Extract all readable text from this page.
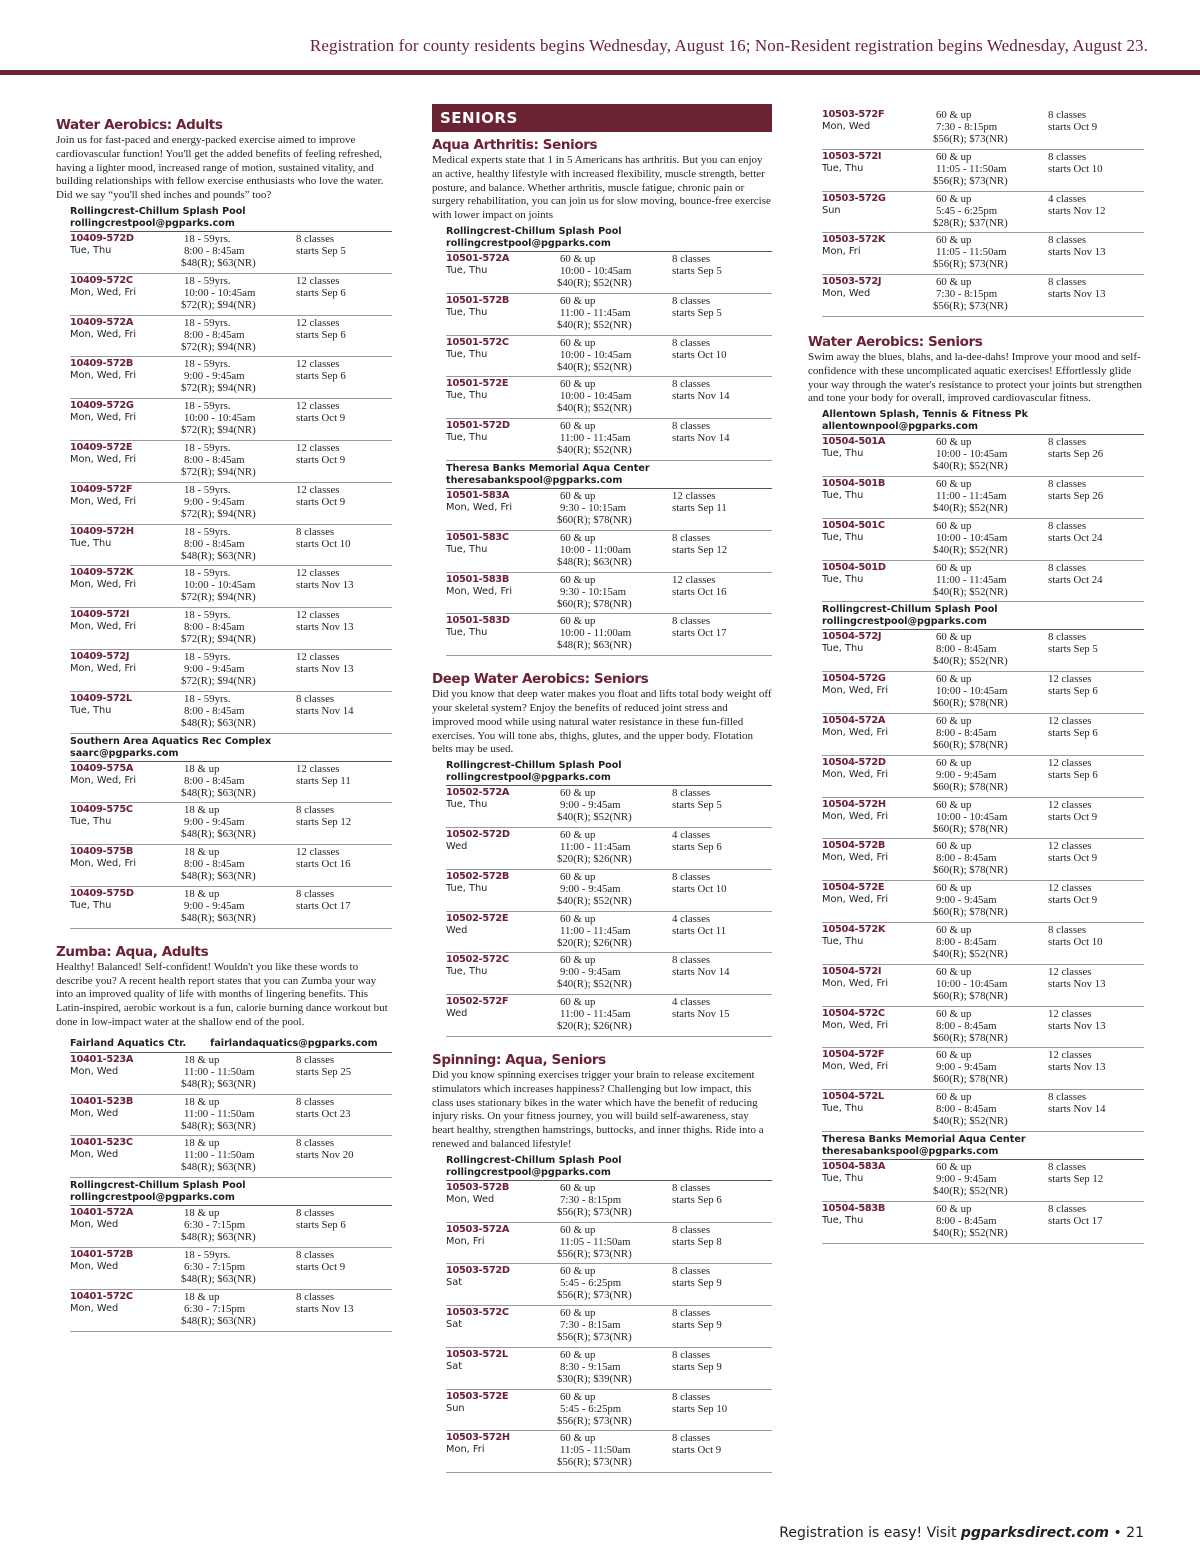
Registration for county residents begins Wednesday, August 16; Non-Resident registration begins Wednesday, August 23.
Water Aerobics: Adults
Join us for fast-paced and energy-packed exercise aimed to improve cardiovascular function! You'll get the added benefits of feeling refreshed, having a lighter mood, increased range of motion, sustained vitality, and building relationships with fellow exercise enthusiasts who love the water. Did we say “you'll shed inches and pounds” too?
Rollingcrest-Chillum Splash Pool
rollingcrestpool@pgparks.com
10409-572D
Tue, Thu
18 - 59yrs.
8:00 - 8:45am
$48(R); $63(NR)
8 classes
starts Sep 5
10409-572C
Mon, Wed, Fri
18 - 59yrs.
10:00 - 10:45am
$72(R); $94(NR)
12 classes
starts Sep 6
10409-572A
Mon, Wed, Fri
18 - 59yrs.
8:00 - 8:45am
$72(R); $94(NR)
12 classes
starts Sep 6
10409-572B
Mon, Wed, Fri
18 - 59yrs.
9:00 - 9:45am
$72(R); $94(NR)
12 classes
starts Sep 6
10409-572G
Mon, Wed, Fri
18 - 59yrs.
10:00 - 10:45am
$72(R); $94(NR)
12 classes
starts Oct 9
10409-572E
Mon, Wed, Fri
18 - 59yrs.
8:00 - 8:45am
$72(R); $94(NR)
12 classes
starts Oct 9
10409-572F
Mon, Wed, Fri
18 - 59yrs.
9:00 - 9:45am
$72(R); $94(NR)
12 classes
starts Oct 9
10409-572H
Tue, Thu
18 - 59yrs.
8:00 - 8:45am
$48(R); $63(NR)
8 classes
starts Oct 10
10409-572K
Mon, Wed, Fri
18 - 59yrs.
10:00 - 10:45am
$72(R); $94(NR)
12 classes
starts Nov 13
10409-572I
Mon, Wed, Fri
18 - 59yrs.
8:00 - 8:45am
$72(R); $94(NR)
12 classes
starts Nov 13
10409-572J
Mon, Wed, Fri
18 - 59yrs.
9:00 - 9:45am
$72(R); $94(NR)
12 classes
starts Nov 13
10409-572L
Tue, Thu
18 - 59yrs.
8:00 - 8:45am
$48(R); $63(NR)
8 classes
starts Nov 14
Southern Area Aquatics Rec Complex
saarc@pgparks.com
10409-575A
Mon, Wed, Fri
18 & up
8:00 - 8:45am
$48(R); $63(NR)
12 classes
starts Sep 11
10409-575C
Tue, Thu
18 & up
9:00 - 9:45am
$48(R); $63(NR)
8 classes
starts Sep 12
10409-575B
Mon, Wed, Fri
18 & up
8:00 - 8:45am
$48(R); $63(NR)
12 classes
starts Oct 16
10409-575D
Tue, Thu
18 & up
9:00 - 9:45am
$48(R); $63(NR)
8 classes
starts Oct 17
Zumba: Aqua, Adults
Healthy! Balanced! Self-confident! Wouldn't you like these words to describe you? A recent health report states that you can Zumba your way into an improved quality of life with months of lingering benefits. This Latin-inspired, aerobic workout is a fun, calorie burning dance workout but done in low-impact water at the shallow end of the pool.
Fairland Aquatics Ctr.	fairlandaquatics@pgparks.com
10401-523A
Mon, Wed
18 & up
11:00 - 11:50am
$48(R); $63(NR)
8 classes
starts Sep 25
10401-523B
Mon, Wed
18 & up
11:00 - 11:50am
$48(R); $63(NR)
8 classes
starts Oct 23
10401-523C
Mon, Wed
18 & up
11:00 - 11:50am
$48(R); $63(NR)
8 classes
starts Nov 20
Rollingcrest-Chillum Splash Pool
rollingcrestpool@pgparks.com
10401-572A
Mon, Wed
18 & up
6:30 - 7:15pm
$48(R); $63(NR)
8 classes
starts Sep 6
10401-572B
Mon, Wed
18 - 59yrs.
6:30 - 7:15pm
$48(R); $63(NR)
8 classes
starts Oct 9
10401-572C
Mon, Wed
18 & up
6:30 - 7:15pm
$48(R); $63(NR)
8 classes
starts Nov 13
SENIORS
Aqua Arthritis: Seniors
Medical experts state that 1 in 5 Americans has arthritis. But you can enjoy an active, healthy lifestyle with increased flexibility, muscle strength, better posture, and balance. Whether arthritis, muscle fatigue, chronic pain or surgery rehabilitation, you can join us for slow moving, bounce-free exercise with lower impact on joints
Rollingcrest-Chillum Splash Pool
rollingcrestpool@pgparks.com
10501-572A
Tue, Thu
60 & up
10:00 - 10:45am
$40(R); $52(NR)
8 classes
starts Sep 5
10501-572B
Tue, Thu
60 & up
11:00 - 11:45am
$40(R); $52(NR)
8 classes
starts Sep 5
10501-572C
Tue, Thu
60 & up
10:00 - 10:45am
$40(R); $52(NR)
8 classes
starts Oct 10
10501-572E
Tue, Thu
60 & up
10:00 - 10:45am
$40(R); $52(NR)
8 classes
starts Nov 14
10501-572D
Tue, Thu
60 & up
11:00 - 11:45am
$40(R); $52(NR)
8 classes
starts Nov 14
Theresa Banks Memorial Aqua Center
theresabankspool@pgparks.com
10501-583A
Mon, Wed, Fri
60 & up
9:30 - 10:15am
$60(R); $78(NR)
12 classes
starts Sep 11
10501-583C
Tue, Thu
60 & up
10:00 - 11:00am
$48(R); $63(NR)
8 classes
starts Sep 12
10501-583B
Mon, Wed, Fri
60 & up
9:30 - 10:15am
$60(R); $78(NR)
12 classes
starts Oct 16
10501-583D
Tue, Thu
60 & up
10:00 - 11:00am
$48(R); $63(NR)
8 classes
starts Oct 17
Deep Water Aerobics: Seniors
Did you know that deep water makes you float and lifts total body weight off your skeletal system? Enjoy the benefits of reduced joint stress and improved mood while using natural water resistance in these fun-filled exercises. You will tone abs, thighs, glutes, and the upper body. Flotation belts may be used.
Rollingcrest-Chillum Splash Pool
rollingcrestpool@pgparks.com
10502-572A
Tue, Thu
60 & up
9:00 - 9:45am
$40(R); $52(NR)
8 classes
starts Sep 5
10502-572D
Wed
60 & up
11:00 - 11:45am
$20(R); $26(NR)
4 classes
starts Sep 6
10502-572B
Tue, Thu
60 & up
9:00 - 9:45am
$40(R); $52(NR)
8 classes
starts Oct 10
10502-572E
Wed
60 & up
11:00 - 11:45am
$20(R); $26(NR)
4 classes
starts Oct 11
10502-572C
Tue, Thu
60 & up
9:00 - 9:45am
$40(R); $52(NR)
8 classes
starts Nov 14
10502-572F
Wed
60 & up
11:00 - 11:45am
$20(R); $26(NR)
4 classes
starts Nov 15
Spinning: Aqua, Seniors
Did you know spinning exercises trigger your brain to release excitement stimulators which increases happiness? Challenging but low impact, this class uses stationary bikes in the water which have the benefit of reducing injury risks. On your fitness journey, you will build self-awareness, stay heart healthy, strengthen hamstrings, buttocks, and inner thighs. Ride into a renewed and balanced lifestyle!
Rollingcrest-Chillum Splash Pool
rollingcrestpool@pgparks.com
10503-572B
Mon, Wed
60 & up
7:30 - 8:15pm
$56(R); $73(NR)
8 classes
starts Sep 6
10503-572A
Mon, Fri
60 & up
11:05 - 11:50am
$56(R); $73(NR)
8 classes
starts Sep 8
10503-572D
Sat
60 & up
5:45 - 6:25pm
$56(R); $73(NR)
8 classes
starts Sep 9
10503-572C
Sat
60 & up
7:30 - 8:15am
$56(R); $73(NR)
8 classes
starts Sep 9
10503-572L
Sat
60 & up
8:30 - 9:15am
$30(R); $39(NR)
8 classes
starts Sep 9
10503-572E
Sun
60 & up
5:45 - 6:25pm
$56(R); $73(NR)
8 classes
starts Sep 10
10503-572H
Mon, Fri
60 & up
11:05 - 11:50am
$56(R); $73(NR)
8 classes
starts Oct 9
10503-572F
Mon, Wed
60 & up
7:30 - 8:15pm
$56(R); $73(NR)
8 classes
starts Oct 9
10503-572I
Tue, Thu
60 & up
11:05 - 11:50am
$56(R); $73(NR)
8 classes
starts Oct 10
10503-572G
Sun
60 & up
5:45 - 6:25pm
$28(R); $37(NR)
4 classes
starts Nov 12
10503-572K
Mon, Fri
60 & up
11:05 - 11:50am
$56(R); $73(NR)
8 classes
starts Nov 13
10503-572J
Mon, Wed
60 & up
7:30 - 8:15pm
$56(R); $73(NR)
8 classes
starts Nov 13
Water Aerobics: Seniors
Swim away the blues, blahs, and la-dee-dahs! Improve your mood and self-confidence with these uncomplicated aquatic exercises! Effortlessly glide your way through the water's resistance to protect your joints but strengthen and tone your body for overall, improved cardiovascular fitness.
Allentown Splash, Tennis & Fitness Pk
allentownpool@pgparks.com
10504-501A
Tue, Thu
60 & up
10:00 - 10:45am
$40(R); $52(NR)
8 classes
starts Sep 26
10504-501B
Tue, Thu
60 & up
11:00 - 11:45am
$40(R); $52(NR)
8 classes
starts Sep 26
10504-501C
Tue, Thu
60 & up
10:00 - 10:45am
$40(R); $52(NR)
8 classes
starts Oct 24
10504-501D
Tue, Thu
60 & up
11:00 - 11:45am
$40(R); $52(NR)
8 classes
starts Oct 24
Rollingcrest-Chillum Splash Pool
rollingcrestpool@pgparks.com
10504-572J
Tue, Thu
60 & up
8:00 - 8:45am
$40(R); $52(NR)
8 classes
starts Sep 5
10504-572G
Mon, Wed, Fri
60 & up
10:00 - 10:45am
$60(R); $78(NR)
12 classes
starts Sep 6
10504-572A
Mon, Wed, Fri
60 & up
8:00 - 8:45am
$60(R); $78(NR)
12 classes
starts Sep 6
10504-572D
Mon, Wed, Fri
60 & up
9:00 - 9:45am
$60(R); $78(NR)
12 classes
starts Sep 6
10504-572H
Mon, Wed, Fri
60 & up
10:00 - 10:45am
$60(R); $78(NR)
12 classes
starts Oct 9
10504-572B
Mon, Wed, Fri
60 & up
8:00 - 8:45am
$60(R); $78(NR)
12 classes
starts Oct 9
10504-572E
Mon, Wed, Fri
60 & up
9:00 - 9:45am
$60(R); $78(NR)
12 classes
starts Oct 9
10504-572K
Tue, Thu
60 & up
8:00 - 8:45am
$40(R); $52(NR)
8 classes
starts Oct 10
10504-572I
Mon, Wed, Fri
60 & up
10:00 - 10:45am
$60(R); $78(NR)
12 classes
starts Nov 13
10504-572C
Mon, Wed, Fri
60 & up
8:00 - 8:45am
$60(R); $78(NR)
12 classes
starts Nov 13
10504-572F
Mon, Wed, Fri
60 & up
9:00 - 9:45am
$60(R); $78(NR)
12 classes
starts Nov 13
10504-572L
Tue, Thu
60 & up
8:00 - 8:45am
$40(R); $52(NR)
8 classes
starts Nov 14
Theresa Banks Memorial Aqua Center
theresabankspool@pgparks.com
10504-583A
Tue, Thu
60 & up
9:00 - 9:45am
$40(R); $52(NR)
8 classes
starts Sep 12
10504-583B
Tue, Thu
60 & up
8:00 - 8:45am
$40(R); $52(NR)
8 classes
starts Oct 17
Registration is easy! Visit pgparksdirect.com • 21
